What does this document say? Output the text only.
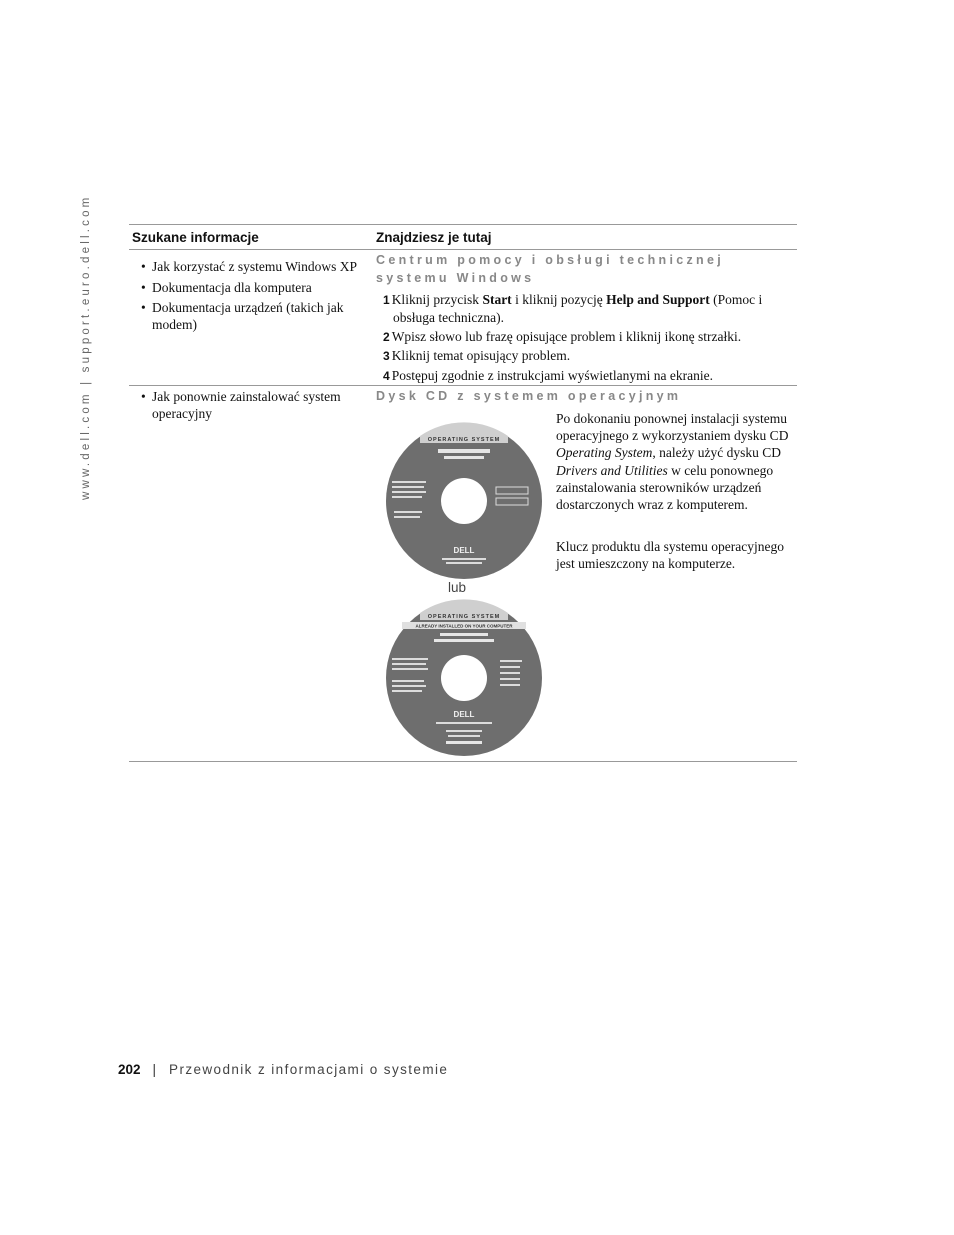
www.dell.com | support.euro.dell.com	Szukane informacje	Znajdziesz je tutaj
• Jak korzystać z systemu Windows XP
• Dokumentacja dla komputera
• Dokumentacja urządzeń (takich jak modem)
Centrum pomocy i obsługi technicznej systemu Windows
1 Kliknij przycisk Start i kliknij pozycję Help and Support (Pomoc i obsługa techniczna).
2 Wpisz słowo lub frazę opisujące problem i kliknij ikonę strzałki.
3 Kliknij temat opisujący problem.
4 Postępuj zgodnie z instrukcjami wyświetlanymi na ekranie.
• Jak ponownie zainstalować system operacyjny
Dysk CD z systemem operacyjnym
Po dokonaniu ponownej instalacji systemu operacyjnego z wykorzystaniem dysku CD Operating System, należy użyć dysku CD Drivers and Utilities w celu ponownego zainstalowania sterowników urządzeń dostarczonych wraz z komputerem.
Klucz produktu dla systemu operacyjnego jest umieszczony na komputerze.
OPERATING SYSTEM
DELL
lub
OPERATING SYSTEM
ALREADY INSTALLED ON YOUR COMPUTER
DELL
202 | Przewodnik z informacjami o systemie
